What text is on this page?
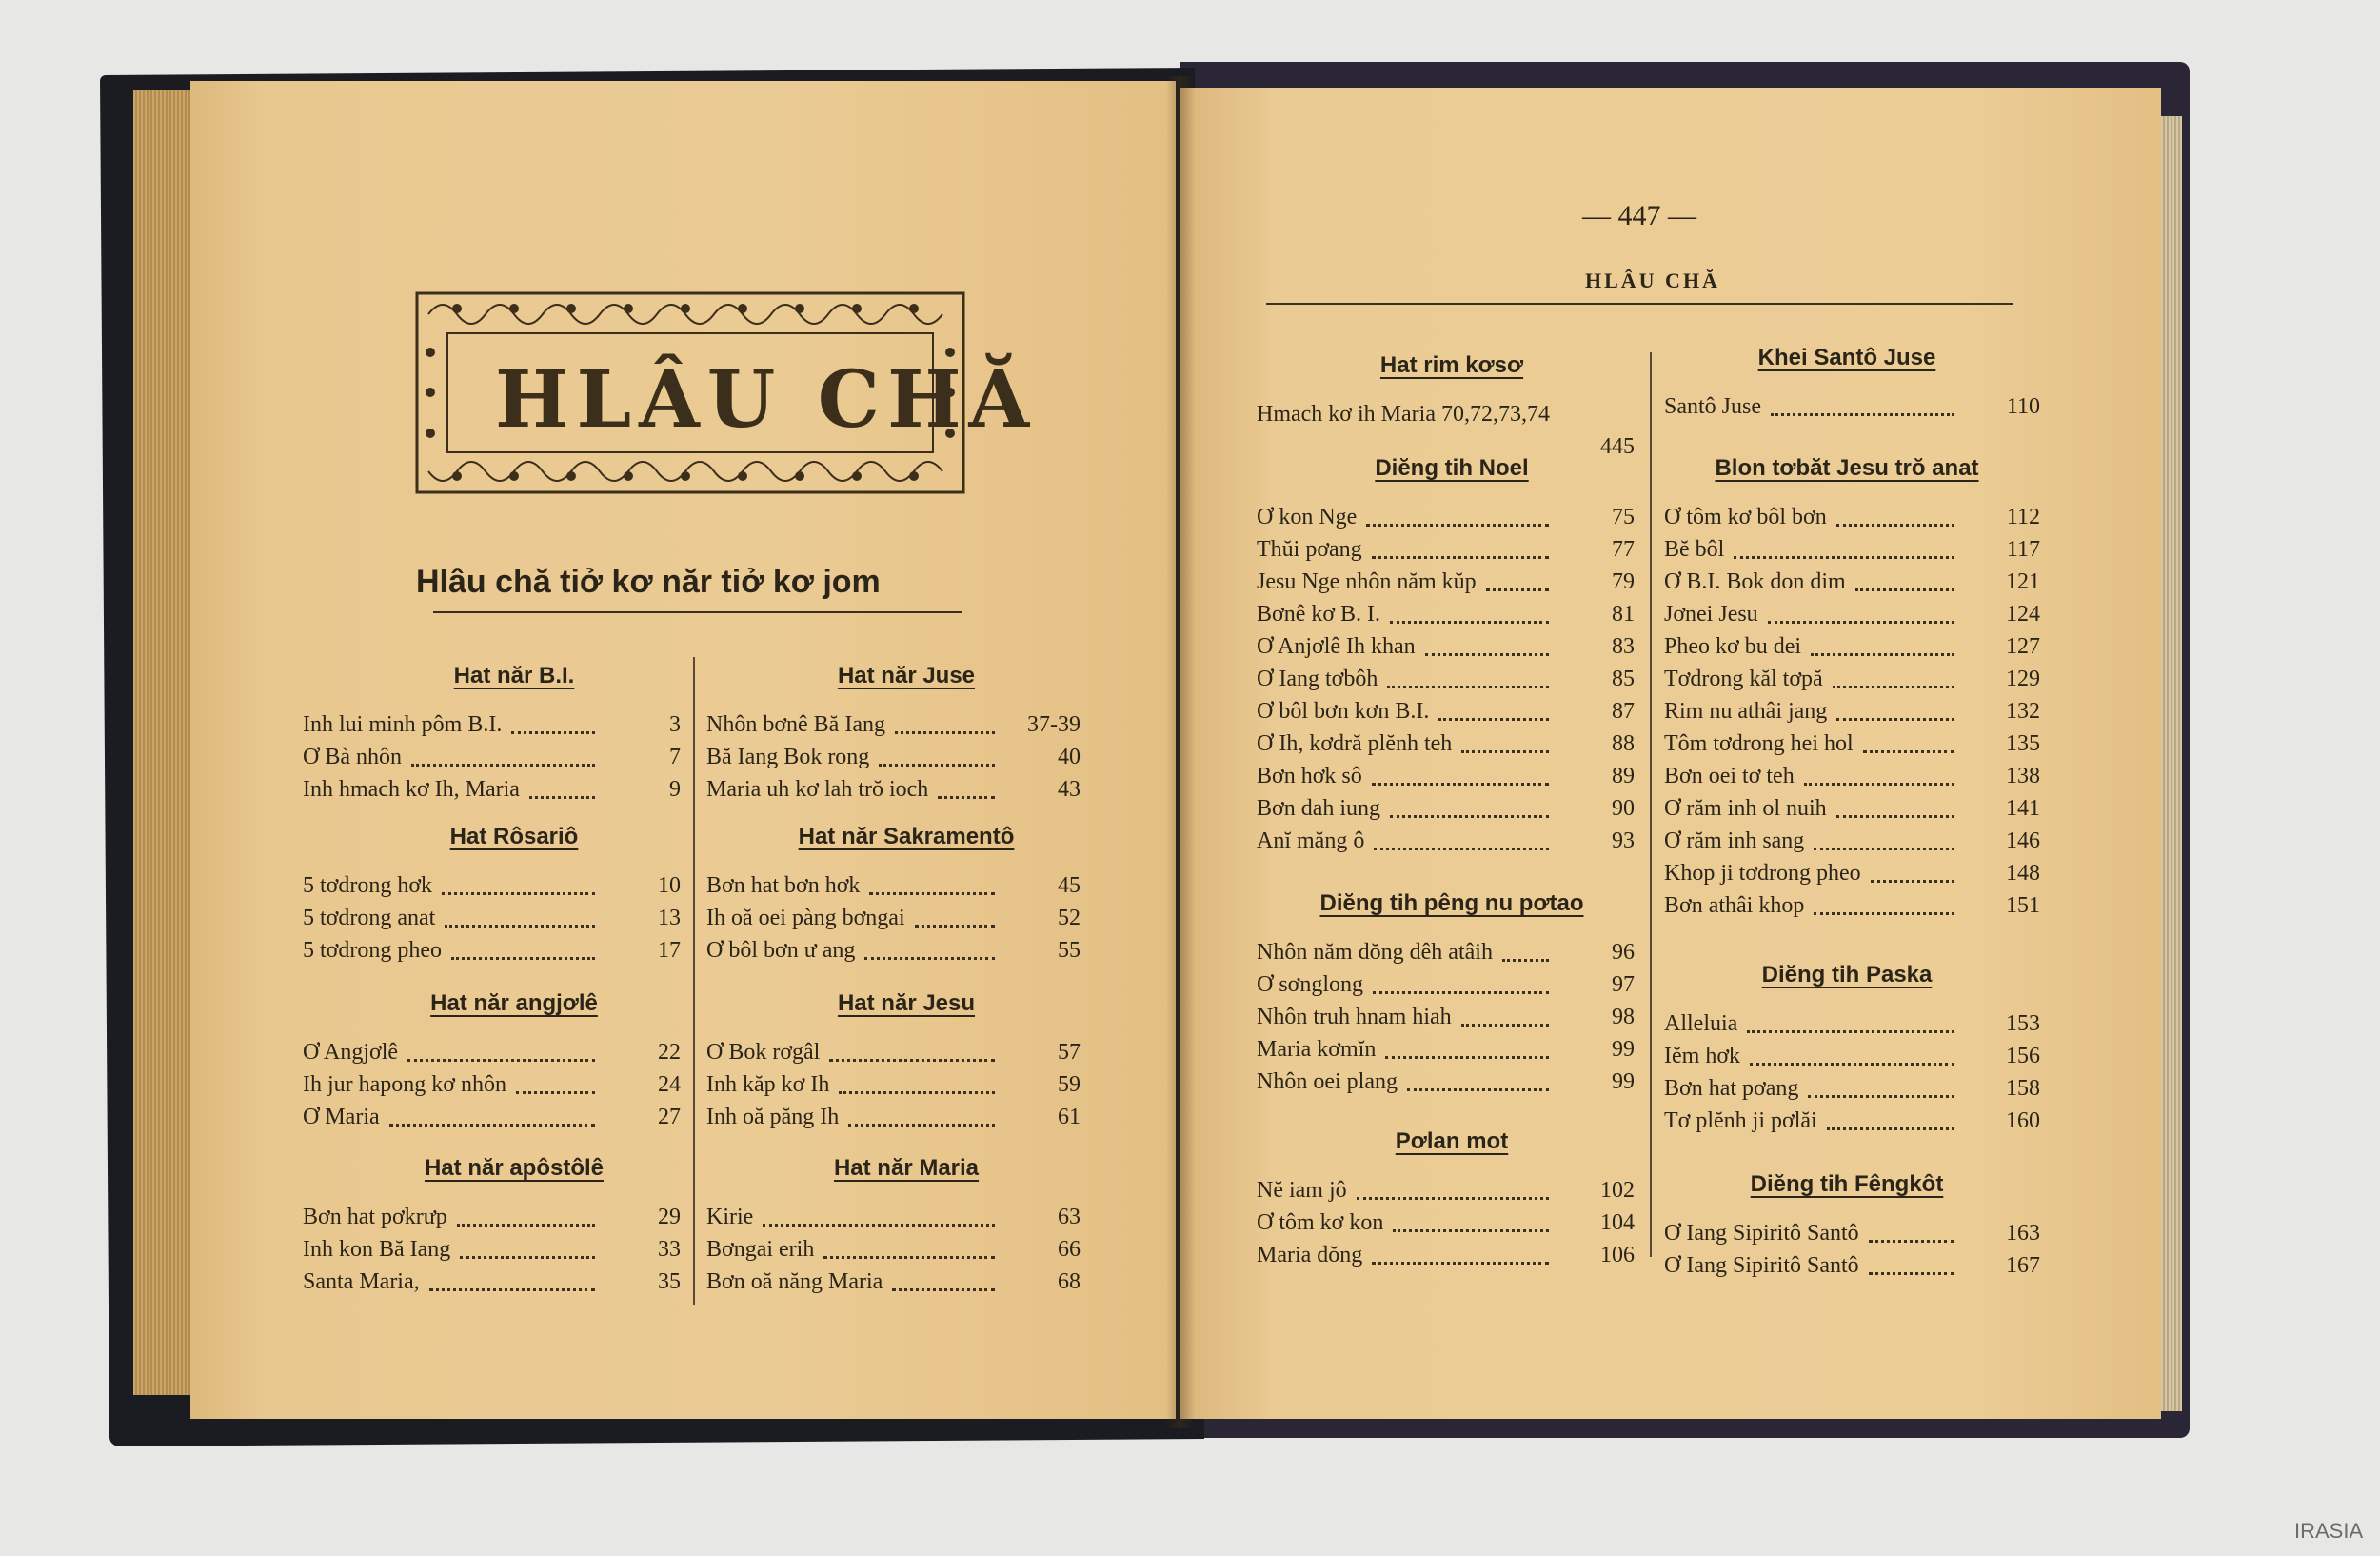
HLÂU CHĂ
Hlâu chă tiở kơ năr tiở kơ jom
— 447 —
HLÂU CHĂ
Hat năr B.I.
Inh lui minh pôm B.I.	3
Ơ Bà nhôn	7
Inh hmach kơ Ih, Maria	9
Hat Rôsariô
5 tơdrong hơk	10
5 tơdrong anat	13
5 tơdrong pheo	17
Hat năr angjơlê
Ơ Angjơlê	22
Ih jur hapong kơ nhôn	24
Ơ Maria	27
Hat năr apôstôlê
Bơn hat pơkrưp	29
Inh kon Bă Iang	33
Santa Maria,	35
Hat năr Juse
Nhôn bơnê Bă Iang	37-39
Bă Iang Bok rong	40
Maria uh kơ lah trŏ ioch	43
Hat năr Sakramentô
Bơn hat bơn hơk	45
Ih oă oei pàng bơngai	52
Ơ bôl bơn ư ang	55
Hat năr Jesu
Ơ Bok rơgâl	57
Inh kăp kơ Ih	59
Inh oă păng Ih	61
Hat năr Maria
Kirie	63
Bơngai erih	66
Bơn oă năng Maria	68
Hat rim kơsơ
Hmach kơ ih Maria 70,72,73,74
445
Diĕng tih Noel
Ơ kon Nge	75
Thŭi pơang	77
Jesu Nge nhôn năm kŭp	79
Bơnê kơ B. I.	81
Ơ Anjơlê Ih khan	83
Ơ Iang tơbôh	85
Ơ bôl bơn kơn B.I.	87
Ơ Ih, kơdră plĕnh teh	88
Bơn hơk sô	89
Bơn dah iung	90
Anĭ măng ô	93
Diĕng tih pêng nu pơtao
Nhôn năm dŏng dêh atâih	96
Ơ sơnglong	97
Nhôn truh hnam hiah	98
Maria kơmĭn	99
Nhôn oei plang	99
Pơlan mot
Nĕ iam jô	102
Ơ tôm kơ kon	104
Maria dŏng	106
Khei Santô Juse
Santô Juse	110
Blon tơbăt Jesu trŏ anat
Ơ tôm kơ bôl bơn	112
Bĕ bôl	117
Ơ B.I. Bok don dim	121
Jơnei Jesu	124
Pheo kơ bu dei	127
Tơdrong kăl tơpă	129
Rim nu athâi jang	132
Tôm tơdrong hei hol	135
Bơn oei tơ teh	138
Ơ răm inh ol nuih	141
Ơ răm inh sang	146
Khop ji tơdrong pheo	148
Bơn athâi khop	151
Diĕng tih Paska
Alleluia	153
Iĕm hơk	156
Bơn hat pơang	158
Tơ plĕnh ji pơlăi	160
Diĕng tih Fêngkôt
Ơ Iang Sipiritô Santô	163
Ơ Iang Sipiritô Santô	167
IRASIA
